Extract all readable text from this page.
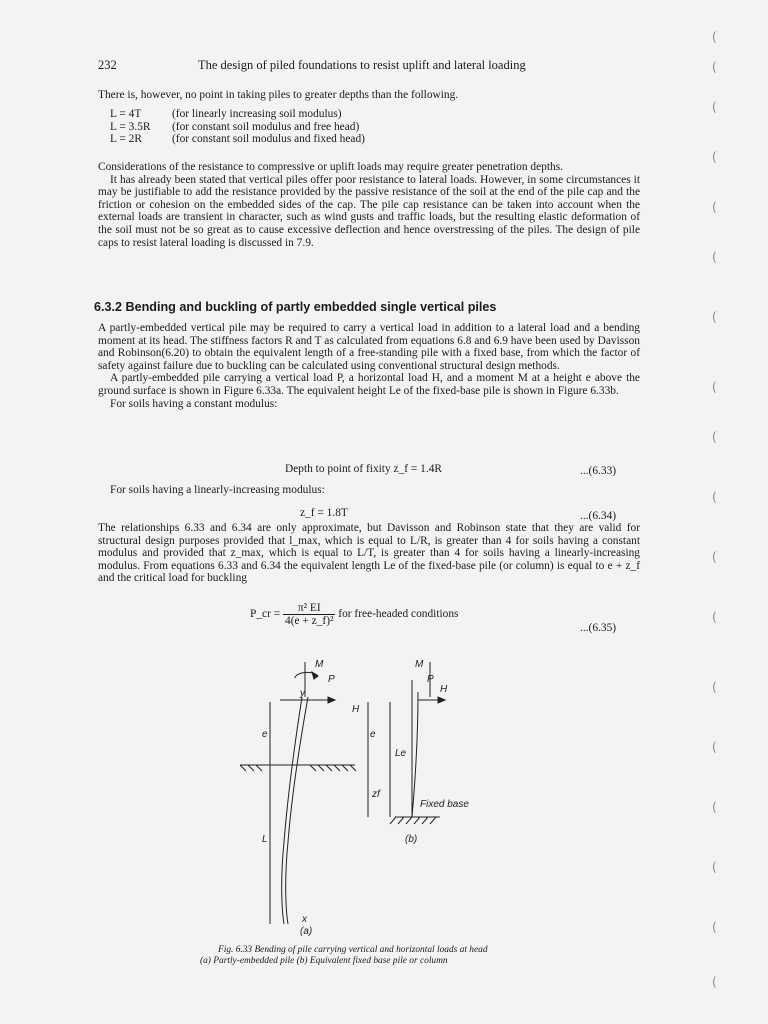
232	The design of piled foundations to resist uplift and lateral loading

There is, however, no point in taking piles to greater depths than the following.

L = 4T	(for linearly increasing soil modulus)
L = 3.5R	(for constant soil modulus and free head)
L = 2R	(for constant soil modulus and fixed head)

Considerations of the resistance to compressive or uplift loads may require greater penetration depths.

It has already been stated that vertical piles offer poor resistance to lateral loads. However, in some circumstances it may be justifiable to add the resistance provided by the passive resistance of the soil at the end of the pile cap and the friction or cohesion on the embedded sides of the cap. The pile cap resistance can be taken into account when the external loads are transient in character, such as wind gusts and traffic loads, but the resulting elastic deformation of the soil must not be so great as to cause excessive deflection and hence overstressing of the piles. The design of pile caps to resist lateral loading is discussed in 7.9.

6.3.2 Bending and buckling of partly embedded single vertical piles

A partly-embedded vertical pile may be required to carry a vertical load in addition to a lateral load and a bending moment at its head. The stiffness factors R and T as calculated from equations 6.8 and 6.9 have been used by Davisson and Robinson(6.20) to obtain the equivalent length of a free-standing pile with a fixed base, from which the factor of safety against failure due to buckling can be calculated using conventional structural design methods.

A partly-embedded pile carrying a vertical load P, a horizontal load H, and a moment M at a height e above the ground surface is shown in Figure 6.33a. The equivalent height Le of the fixed-base pile is shown in Figure 6.33b.

For soils having a constant modulus:

Depth to point of fixity z_f = 1.4R	...(6.33)
For soils having a linearly-increasing modulus:
z_f = 1.8T	...(6.34)

The relationships 6.33 and 6.34 are only approximate, but Davisson and Robinson state that they are valid for structural design purposes provided that l_max, which is equal to L/R, is greater than 4 for soils having a constant modulus and provided that z_max, which is equal to L/T, is greater than 4 for soils having a linearly-increasing modulus. From equations 6.33 and 6.34 the equivalent length Le of the fixed-base pile (or column) is equal to e + z_f and the critical load for buckling

P_cr = $\frac{\text{π² EI}}{\text{4(e + z\_f)²}}$ for free-headed conditions
...(6.35)
M
P
H
y
e
L
x
(a)
M
P
H
e
Le
zf
Fixed base
(b)
Fig. 6.33 Bending of pile carrying vertical and horizontal loads at head
(a) Partly-embedded pile (b) Equivalent fixed base pile or column
(
(
(
(
(
(
(
(
(
(
(
(
(
(
(
(
(
(
